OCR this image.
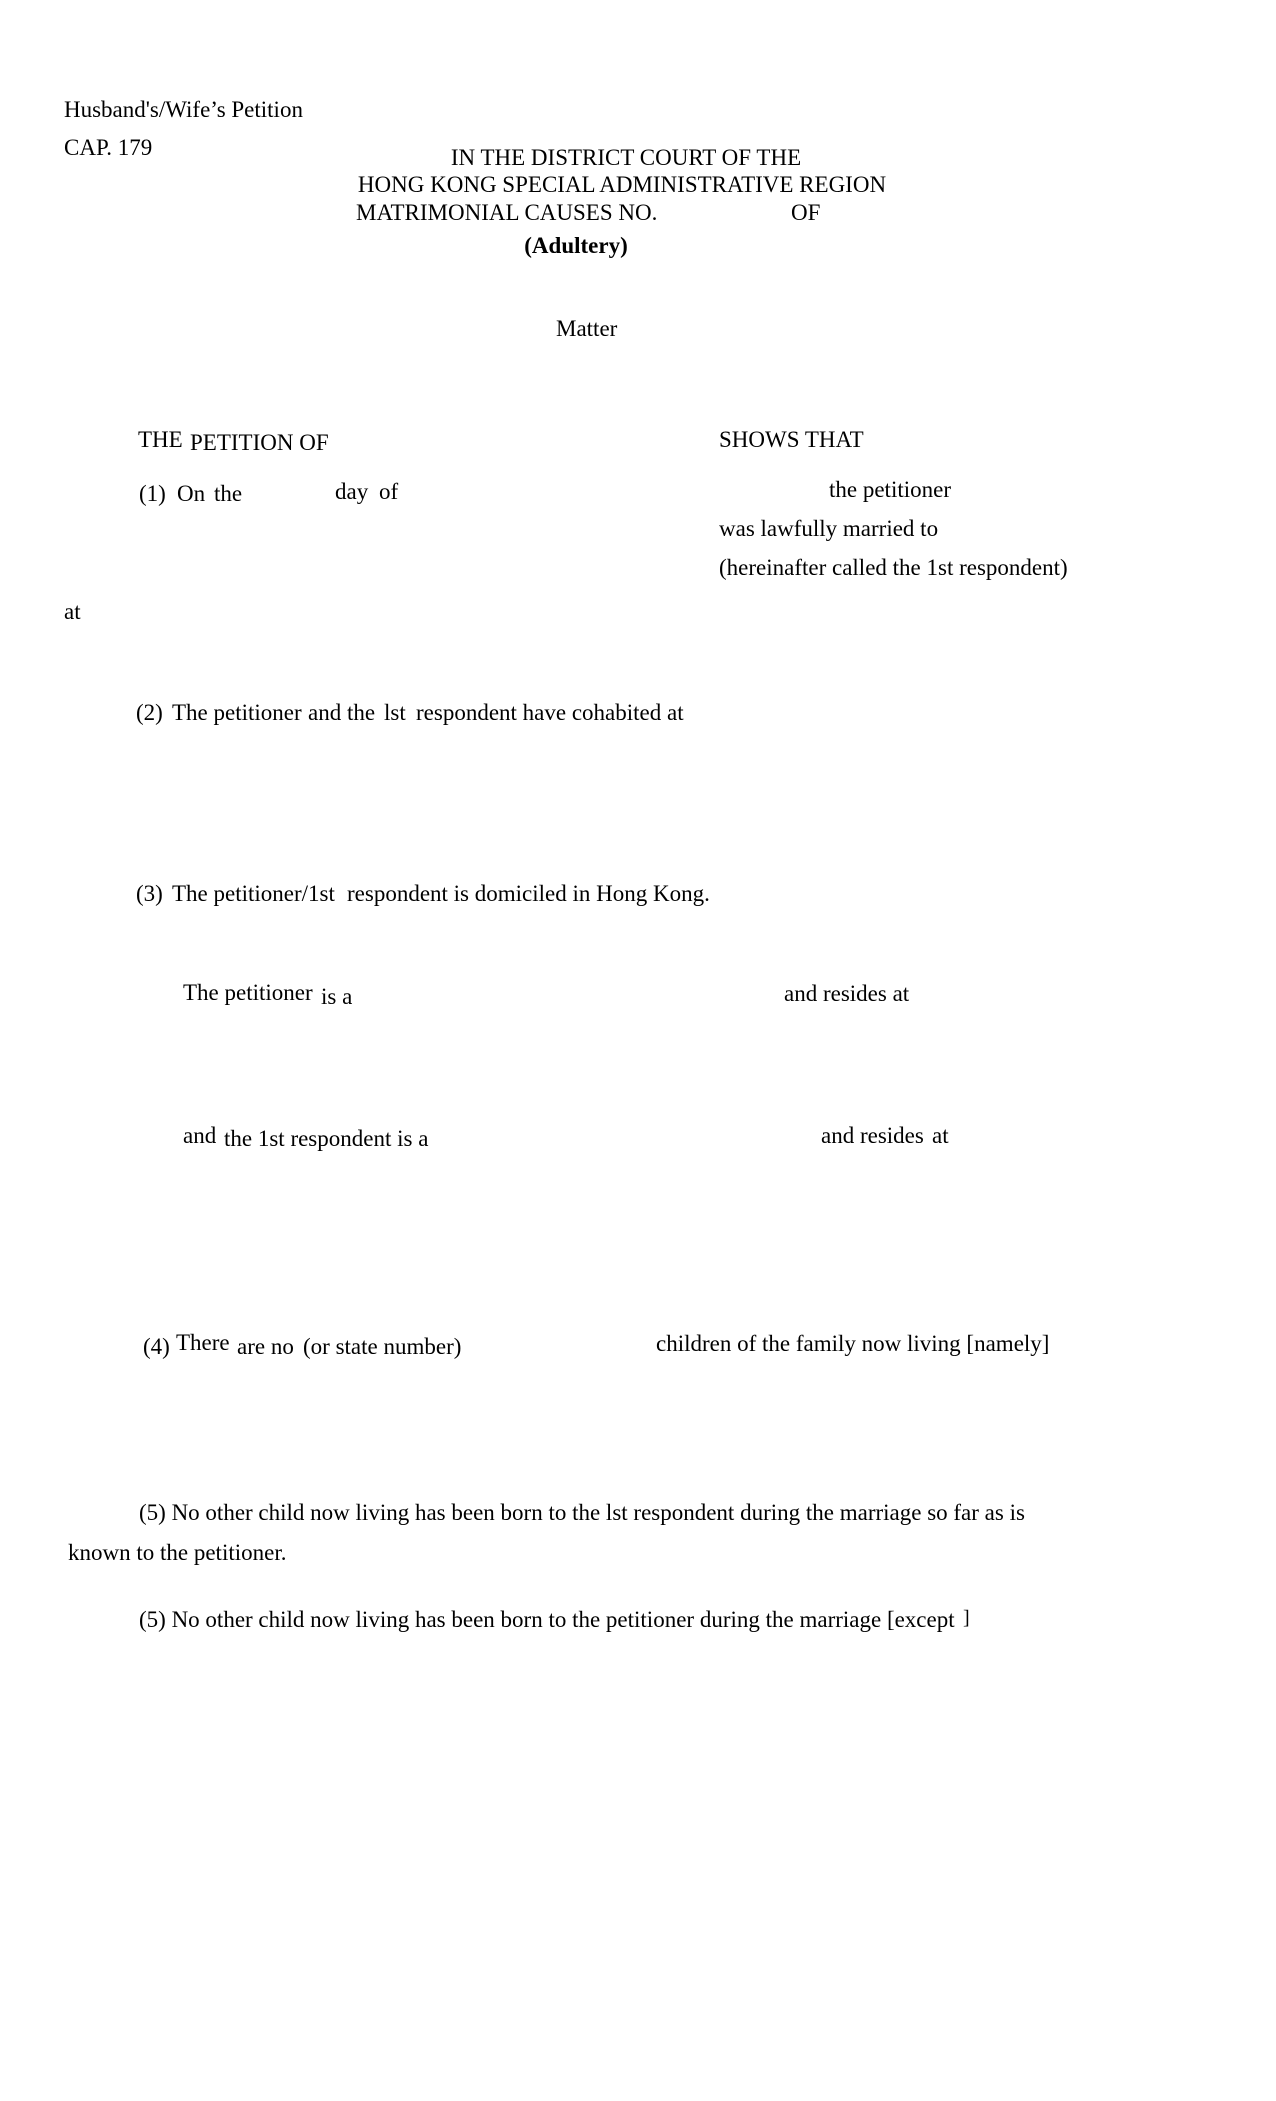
Husband's/Wife’s Petition
CAP. 179	IN THE DISTRICT COURT OF THE
HONG KONG SPECIAL ADMINISTRATIVE REGION
MATRIMONIAL CAUSES NO.	OF
(Adultery)
Matter
THE PETITION OF	SHOWS THAT
(1) On the	day of	the petitioner
was lawfully married to
(hereinafter called the 1st respondent)
at
(2) The petitioner and the lst respondent have cohabited at
(3) The petitioner/1st respondent is domiciled in Hong Kong.
The petitioner is a	and resides at
and the 1st respondent is a	and resides at
(4) There are no (or state number)	children of the family now living [namely]
(5) No other child now living has been born to the lst respondent during the marriage so far as is
known to the petitioner.
(5) No other child now living has been born to the petitioner during the marriage [except ]
